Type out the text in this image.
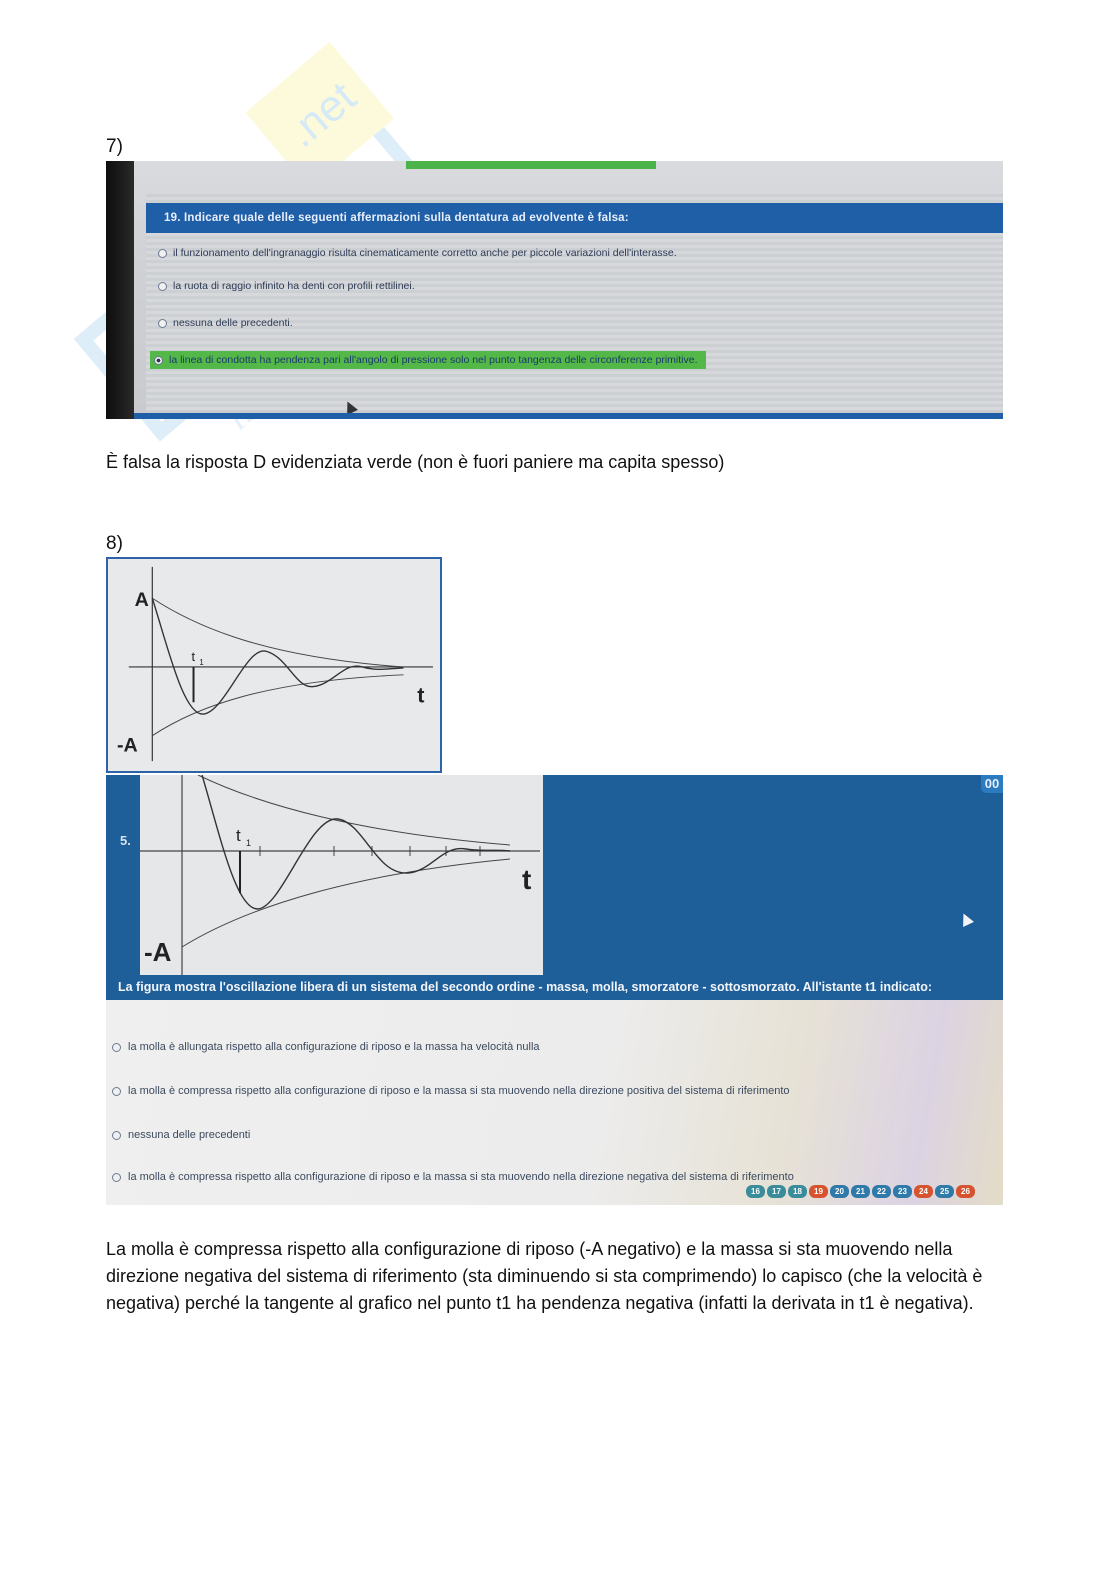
.net
7)
19. Indicare quale delle seguenti affermazioni sulla dentatura ad evolvente è falsa:
il funzionamento dell'ingranaggio risulta cinematicamente corretto anche per piccole variazioni dell'interasse.
la ruota di raggio infinito ha denti con profili rettilinei.
nessuna delle precedenti.
la linea di condotta ha pendenza pari all'angolo di pressione solo nel punto tangenza delle circonferenze primitive.
È falsa la risposta D evidenziata verde (non è fuori paniere ma capita spesso)
8)
A
-A
t
t 1
5.
00
t 1
t
-A
La figura mostra l'oscillazione libera di un sistema del secondo ordine - massa, molla, smorzatore - sottosmorzato. All'istante t1 indicato:
la molla è allungata rispetto alla configurazione di riposo e la massa ha velocità nulla
la molla è compressa rispetto alla configurazione di riposo e la massa si sta muovendo nella direzione positiva del sistema di riferimento
nessuna delle precedenti
la molla è compressa rispetto alla configurazione di riposo e la massa si sta muovendo nella direzione negativa del sistema di riferimento
16	17	18	19	20	21	22	23	24	25	26
La molla è compressa rispetto alla configurazione di riposo (-A negativo) e la massa si sta muovendo nella direzione negativa del sistema di riferimento (sta diminuendo si sta comprimendo) lo capisco (che la velocità è negativa) perché la tangente al grafico nel punto t1 ha pendenza negativa (infatti la derivata in t1 è negativa).
